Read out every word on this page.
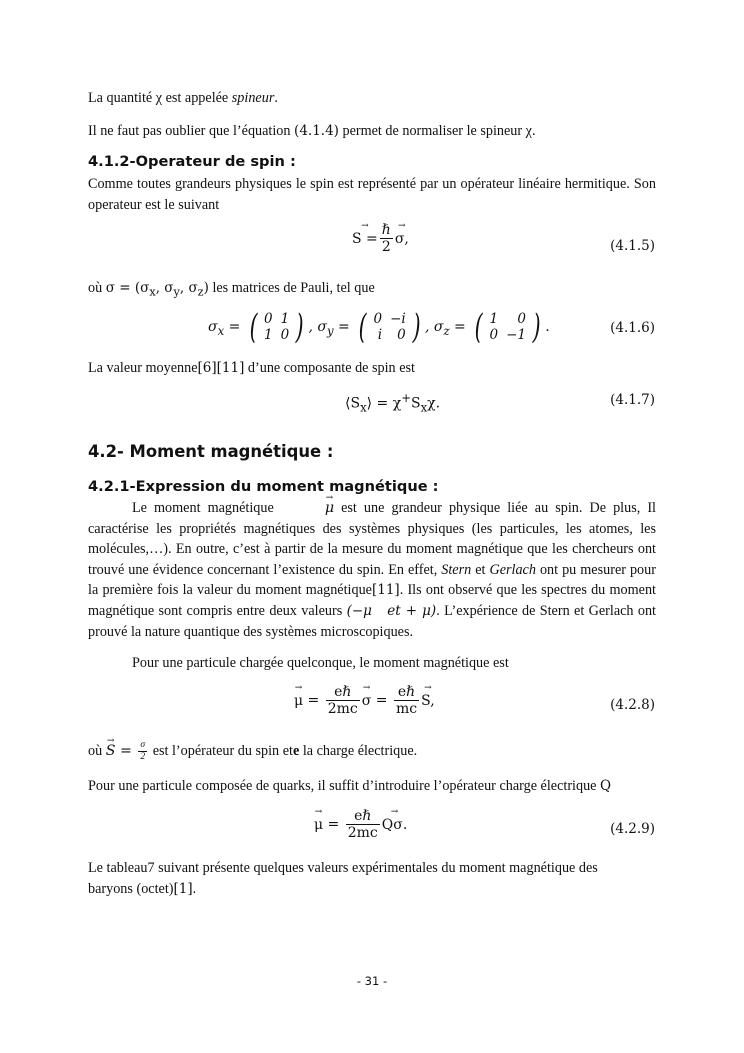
La quantité χ est appelée spineur.
Il ne faut pas oublier que l’équation (4.1.4) permet de normaliser le spineur χ.
4.1.2-Operateur de spin :
Comme toutes grandeurs physiques le spin est représenté par un opérateur linéaire hermitique. Son operateur est le suivant
→ $S = \frac{\text{ℏ}}{2} \to \sigma$,	(4.1.5)
où $\sigma = (\sigma_x$, $\sigma_y$, $\sigma_z$) les matrices de Pauli, tel que
$\sigma_x$ = ( 0	1
1	0 ) , $\sigma_y$ = ( 0	−i
i	0 ) , $\sigma_z$ = ( 1	0
0	−1 ) .	(4.1.6)
La valeur moyenne[6][11] d’une composante de spin est
$⟨S_x⟩ = \chi^+S_x\chi$.	(4.1.7)
4.2- Moment magnétique :
4.2.1-Expression du moment magnétique :
Le moment magnétique	→ μ est une grandeur physique liée au spin. De plus, Il caractérise les propriétés magnétiques des systèmes physiques (les particules, les atomes, les molécules,…). En outre, c’est à partir de la mesure du moment magnétique que les chercheurs ont trouvé une évidence concernant l’existence du spin. En effet, Stern et Gerlach ont pu mesurer pour la première fois la valeur du moment magnétique[11]. Ils ont observé que les spectres du moment magnétique sont compris entre deux valeurs (−μ   et + μ). L’expérience de Stern et Gerlach ont prouvé la nature quantique des systèmes microscopiques.
Pour une particule chargée quelconque, le moment magnétique est
→ $\mu = \frac{\text{eℏ}}{2mc} \to \sigma = \frac{\text{eℏ}}{mc} \to S$,	(4.2.8)
où → $S = \frac{\sigma}{2}$ est l’opérateur du spin ete la charge électrique.
Pour une particule composée de quarks, il suffit d’introduire l’opérateur charge électrique Q
→ $\mu = \frac{\text{eℏ}}{2mc} \to Q\sigma$.	(4.2.9)
Le tableau7 suivant présente quelques valeurs expérimentales du moment magnétique des baryons (octet)[1].
- 31 -
